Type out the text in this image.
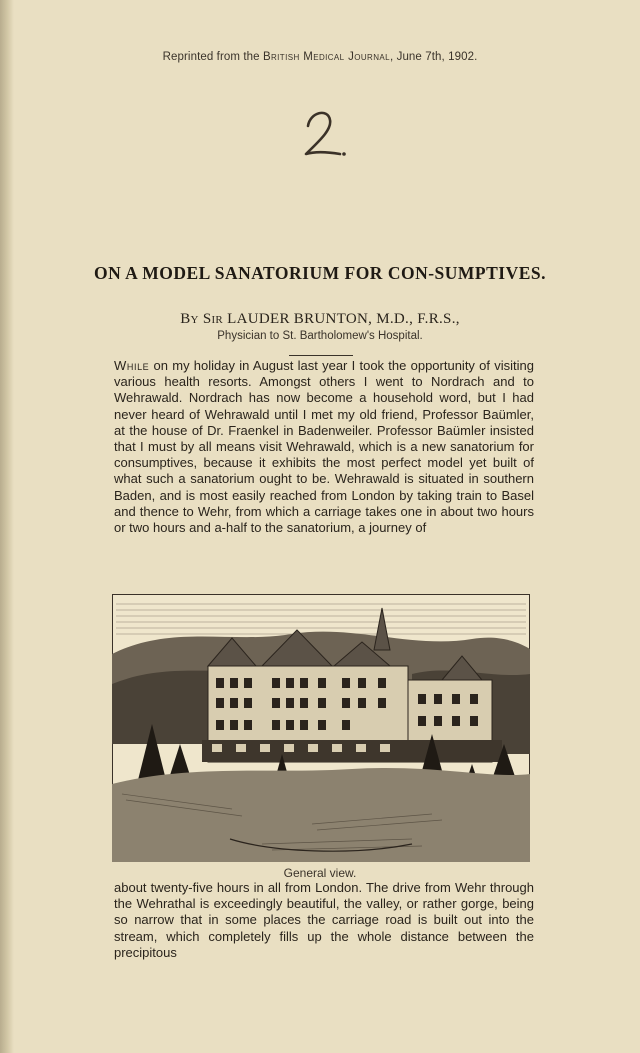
Reprinted from the British Medical Journal, June 7th, 1902.
ON A MODEL SANATORIUM FOR CON-SUMPTIVES.
By Sir LAUDER BRUNTON, M.D., F.R.S.,
Physician to St. Bartholomew's Hospital.

While on my holiday in August last year I took the opportunity of visiting various health resorts. Amongst others I went to Nordrach and to Wehrawald. Nordrach has now become a household word, but I had never heard of Wehrawald until I met my old friend, Professor Baümler, at the house of Dr. Fraenkel in Badenweiler. Professor Baümler insisted that I must by all means visit Wehrawald, which is a new sanatorium for consumptives, because it exhibits the most perfect model yet built of what such a sanatorium ought to be. Wehrawald is situated in southern Baden, and is most easily reached from London by taking train to Basel and thence to Wehr, from which a carriage takes one in about two hours or two hours and a-half to the sanatorium, a journey of

General view.

about twenty-five hours in all from London. The drive from Wehr through the Wehrathal is exceedingly beautiful, the valley, or rather gorge, being so narrow that in some places the carriage road is built out into the stream, which completely fills up the whole distance between the precipitous
